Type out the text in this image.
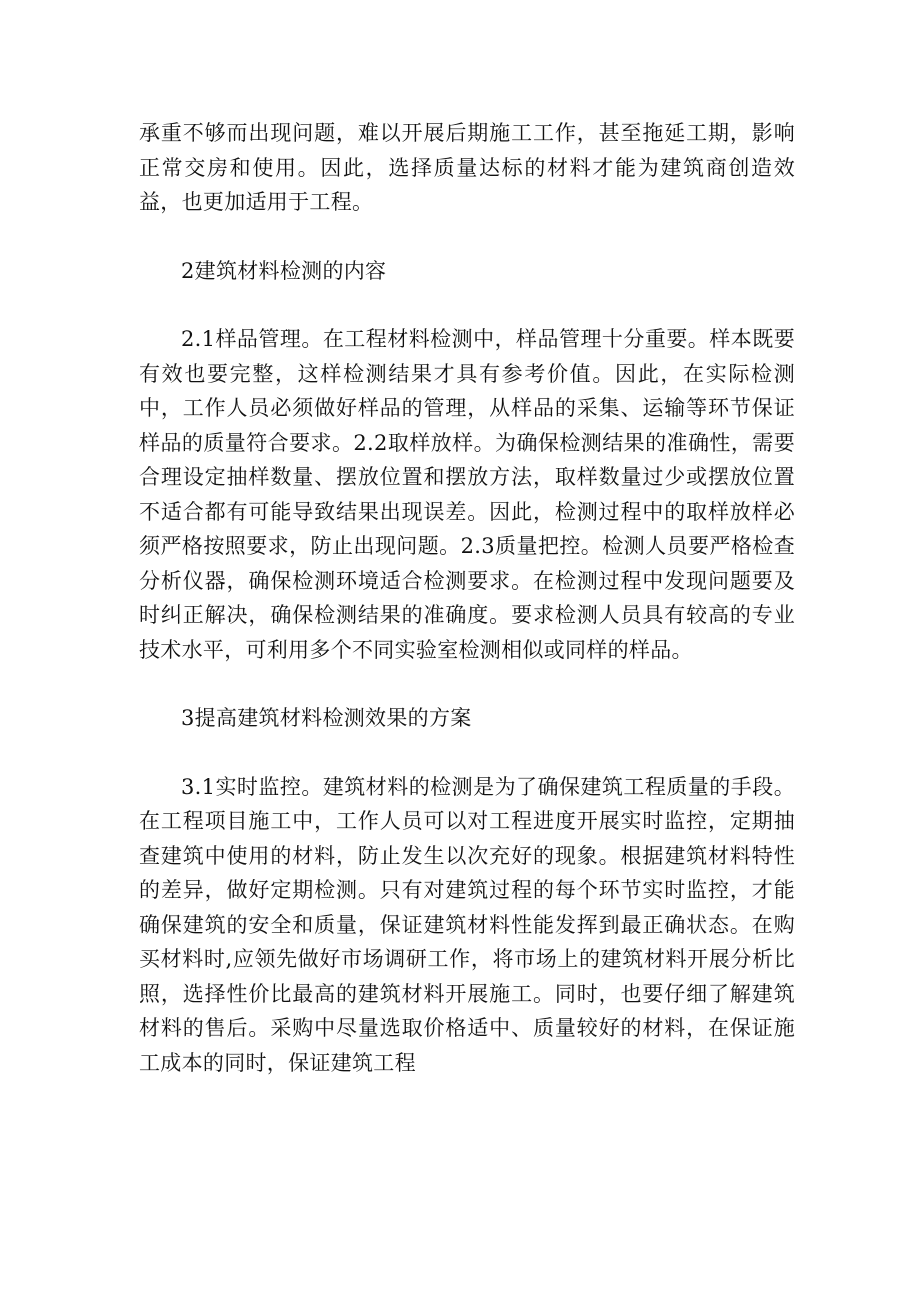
承重不够而出现问题，难以开展后期施工工作，甚至拖延工期，影响正常交房和使用。因此，选择质量达标的材料才能为建筑商创造效益，也更加适用于工程。

2建筑材料检测的内容

2.1样品管理。在工程材料检测中，样品管理十分重要。样本既要有效也要完整，这样检测结果才具有参考价值。因此，在实际检测中，工作人员必须做好样品的管理，从样品的采集、运输等环节保证样品的质量符合要求。2.2取样放样。为确保检测结果的准确性，需要合理设定抽样数量、摆放位置和摆放方法，取样数量过少或摆放位置不适合都有可能导致结果出现误差。因此，检测过程中的取样放样必须严格按照要求，防止出现问题。2.3质量把控。检测人员要严格检查分析仪器，确保检测环境适合检测要求。在检测过程中发现问题要及时纠正解决，确保检测结果的准确度。要求检测人员具有较高的专业技术水平，可利用多个不同实验室检测相似或同样的样品。

3提高建筑材料检测效果的方案

3.1实时监控。建筑材料的检测是为了确保建筑工程质量的手段。在工程项目施工中，工作人员可以对工程进度开展实时监控，定期抽查建筑中使用的材料，防止发生以次充好的现象。根据建筑材料特性的差异，做好定期检测。只有对建筑过程的每个环节实时监控，才能确保建筑的安全和质量，保证建筑材料性能发挥到最正确状态。在购买材料时,应领先做好市场调研工作，将市场上的建筑材料开展分析比照，选择性价比最高的建筑材料开展施工。同时，也要仔细了解建筑材料的售后。采购中尽量选取价格适中、质量较好的材料，在保证施工成本的同时，保证建筑工程
